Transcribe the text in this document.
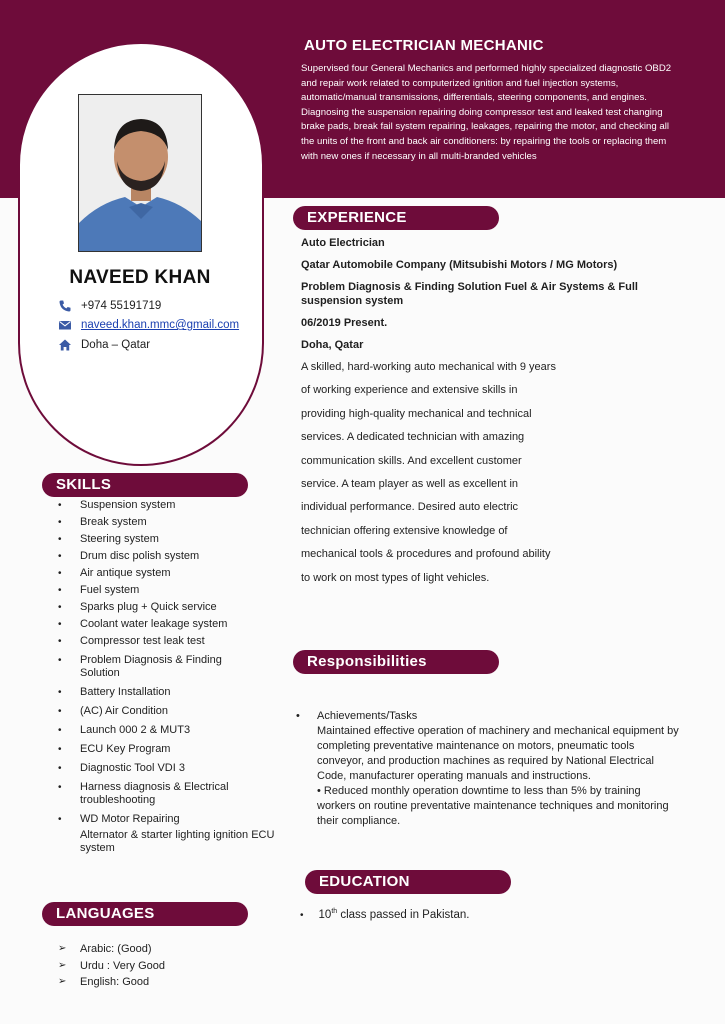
AUTO ELECTRICIAN MECHANIC

Supervised four General Mechanics and performed highly specialized diagnostic OBD2 and repair work related to computerized ignition and fuel injection systems, automatic/manual transmissions, differentials, steering components, and engines.

Diagnosing the suspension repairing doing compressor test and leaked test changing brake pads, break fail system repairing, leakages, repairing the motor, and checking all the units of the front and back air conditioners: by repairing the tools or replacing them with new ones if necessary in all multi-branded vehicles

NAVEED KHAN
+974 55191719
naveed.khan.mmc@gmail.com
Doha – Qatar
SKILLS
• Suspension system
• Break system
• Steering system
• Drum disc polish system
• Air antique system
• Fuel system
• Sparks plug + Quick service
• Coolant water leakage system
• Compressor test leak test
• Problem Diagnosis & Finding Solution
• Battery Installation
• (AC) Air Condition
• Launch 000 2 & MUT3
• ECU Key Program
• Diagnostic Tool VDI 3
• Harness diagnosis & Electrical troubleshooting
• WD Motor Repairing
Alternator & starter lighting ignition ECU system
LANGUAGES
➢ Arabic: (Good)
➢ Urdu : Very Good
➢ English: Good
EXPERIENCE

Auto Electrician

Qatar Automobile Company (Mitsubishi Motors / MG Motors)

Problem Diagnosis & Finding Solution Fuel & Air Systems & Full suspension system

06/2019 Present.

Doha, Qatar

A skilled, hard-working auto mechanical with 9 years of working experience and extensive skills in providing high-quality mechanical and technical services. A dedicated technician with amazing communication skills. And excellent customer service. A team player as well as excellent in individual performance. Desired auto electric technician offering extensive knowledge of mechanical tools & procedures and profound ability to work on most types of light vehicles.
Responsibilities

• Achievements/Tasks

Maintained effective operation of machinery and mechanical equipment by completing preventative maintenance on motors, pneumatic tools conveyor, and production machines as required by National Electrical Code, manufacturer operating manuals and instructions.

• Reduced monthly operation downtime to less than 5% by training workers on routine preventative maintenance techniques and monitoring their compliance.

EDUCATION
• 10th class passed in Pakistan.
